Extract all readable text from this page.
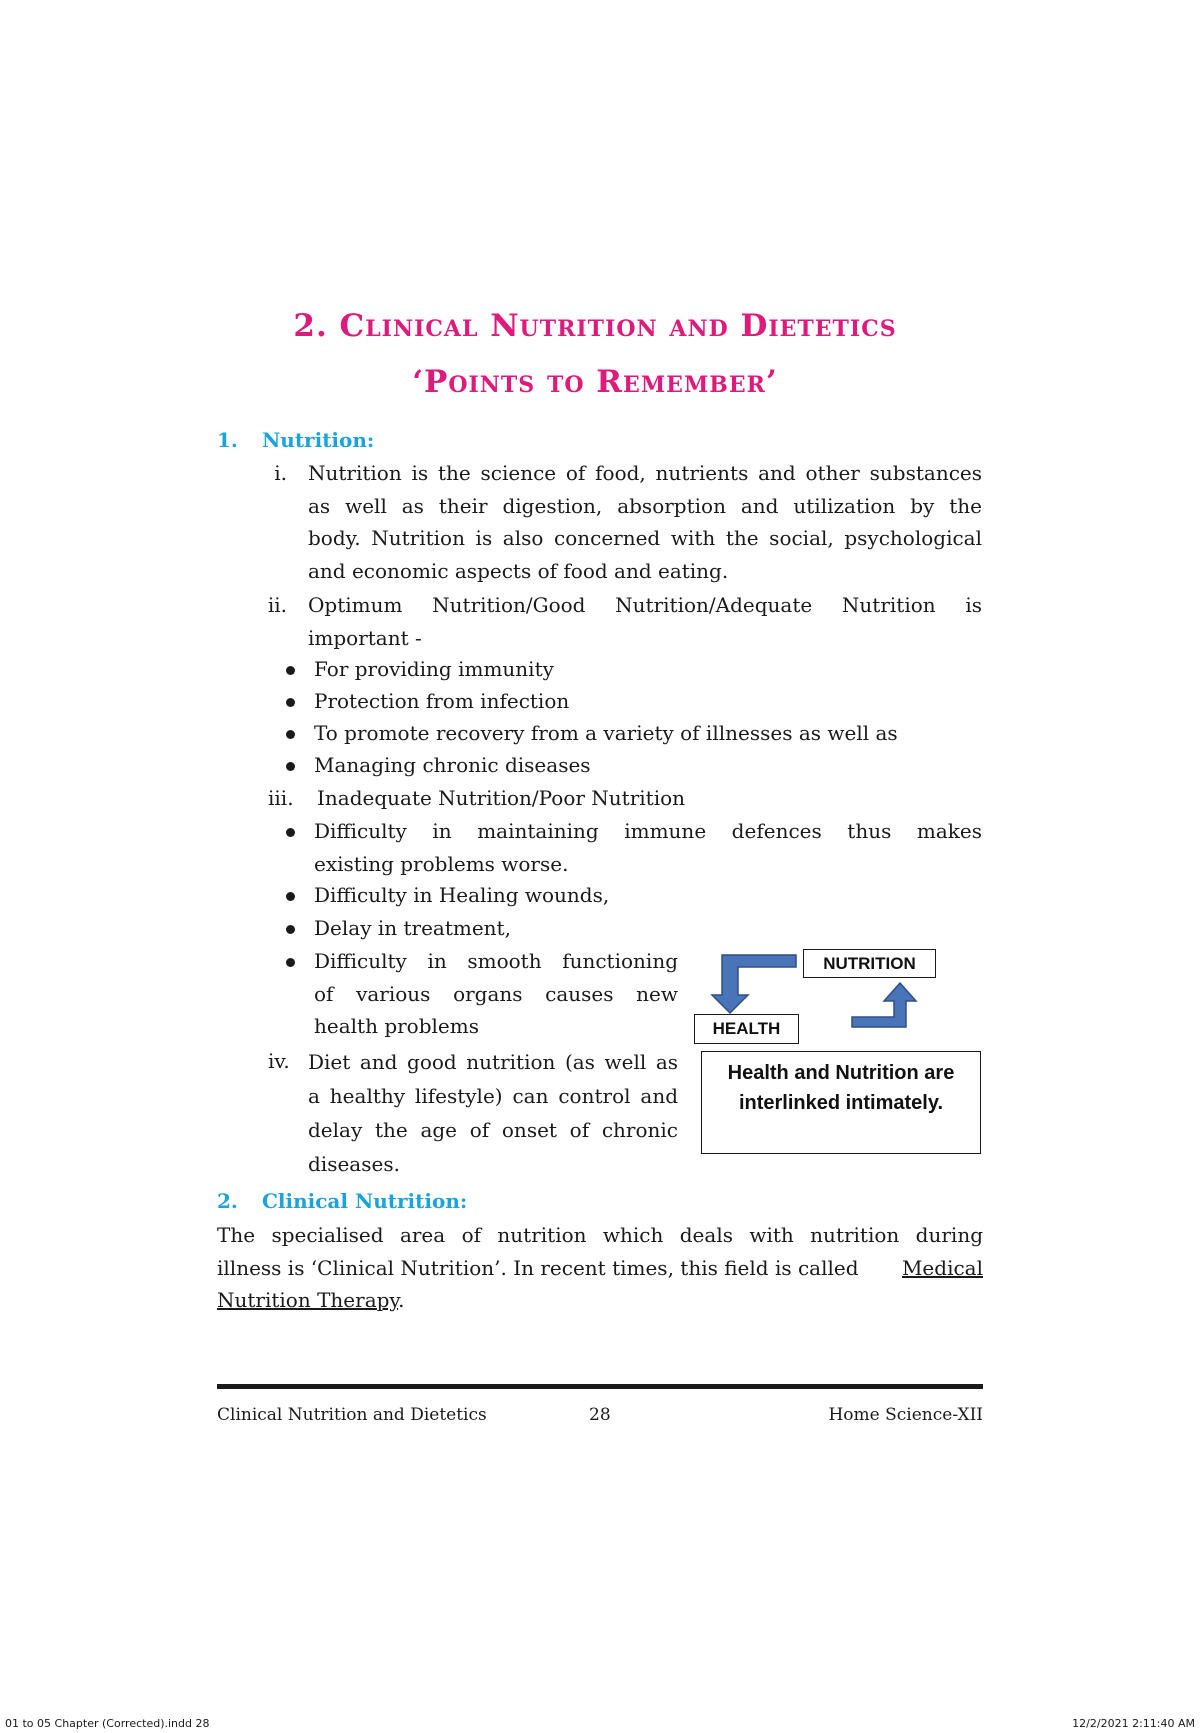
2. Clinical Nutrition and Dietetics
‘Points to Remember’
1. Nutrition:
i. Nutrition is the science of food, nutrients and other substances
as well as their digestion, absorption and utilization by the
body. Nutrition is also concerned with the social, psychological
and economic aspects of food and eating.
ii. Optimum Nutrition/Good Nutrition/Adequate Nutrition is
important -
For providing immunity
Protection from infection
To promote recovery from a variety of illnesses as well as
Managing chronic diseases
iii. Inadequate Nutrition/Poor Nutrition
Difficulty in maintaining immune defences thus makes
existing problems worse.
Difficulty in Healing wounds,
Delay in treatment,
Difficulty in smooth functioning
of various organs causes new
health problems
iv. Diet and good nutrition (as well as
a healthy lifestyle) can control and
delay the age of onset of chronic
diseases.
NUTRITION
HEALTH
Health and Nutrition are
interlinked intimately.
2. Clinical Nutrition:
The specialised area of nutrition which deals with nutrition during
illness is ‘Clinical Nutrition’. In recent times, this field is called Medical
Nutrition Therapy.
Clinical Nutrition and Dietetics	28	Home Science-XII
01 to 05 Chapter (Corrected).indd 28	12/2/2021 2:11:40 AM
